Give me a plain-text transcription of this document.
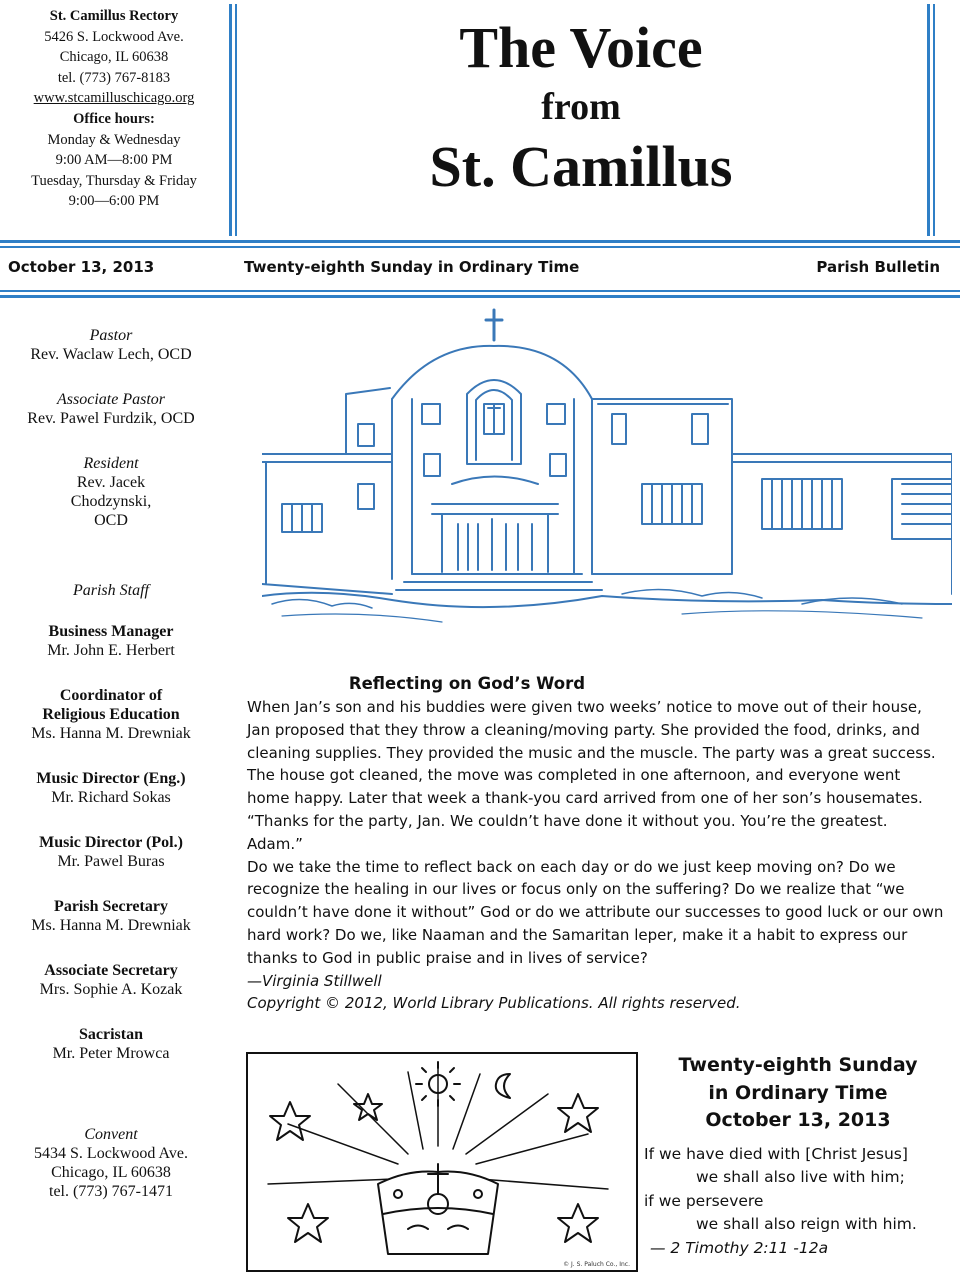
St. Camillus Rectory
5426 S. Lockwood Ave.
Chicago, IL 60638
tel. (773) 767-8183
www.stcamilluschicago.org
Office hours:
Monday & Wednesday
9:00 AM—8:00 PM
Tuesday, Thursday & Friday
9:00—6:00 PM
The Voice
from
St. Camillus
October 13, 2013	Twenty-eighth Sunday in Ordinary Time	Parish Bulletin
Pastor
Rev. Waclaw Lech, OCD
Associate Pastor
Rev. Pawel Furdzik, OCD
Resident
Rev. Jacek Chodzynski, OCD
Parish Staff
Business Manager
Mr. John E. Herbert
Coordinator of Religious Education
Ms. Hanna M. Drewniak
Music Director (Eng.)
Mr. Richard Sokas
Music Director (Pol.)
Mr. Pawel Buras
Parish Secretary
Ms. Hanna M. Drewniak
Associate Secretary
Mrs. Sophie A. Kozak
Sacristan
Mr. Peter Mrowca
Convent
5434 S. Lockwood Ave.
Chicago, IL 60638
tel. (773) 767-1471
Reflecting on God’s Word

When Jan’s son and his buddies were given two weeks’ notice to move out of their house, Jan proposed that they throw a cleaning/moving party. She provided the food, drinks, and cleaning supplies. They provided the music and the muscle. The party was a great success. The house got cleaned, the move was completed in one afternoon, and everyone went home happy. Later that week a thank-you card arrived from one of her son’s housemates. “Thanks for the party, Jan. We couldn’t have done it without you. You’re the greatest. Adam.”

Do we take the time to reflect back on each day or do we just keep moving on? Do we recognize the healing in our lives or focus only on the suffering? Do we realize that “we couldn’t have done it without” God or do we attribute our successes to good luck or our own hard work? Do we, like Naaman and the Samaritan leper, make it a habit to express our thanks to God in public praise and in lives of service?

—Virginia Stillwell

Copyright © 2012, World Library Publications. All rights reserved.

© J. S. Paluch Co., Inc.
Twenty-eighth Sunday
in Ordinary Time
October 13, 2013
If we have died with [Christ Jesus]
we shall also live with him;
if we persevere
we shall also reign with him.
— 2 Timothy 2:11 -12a
